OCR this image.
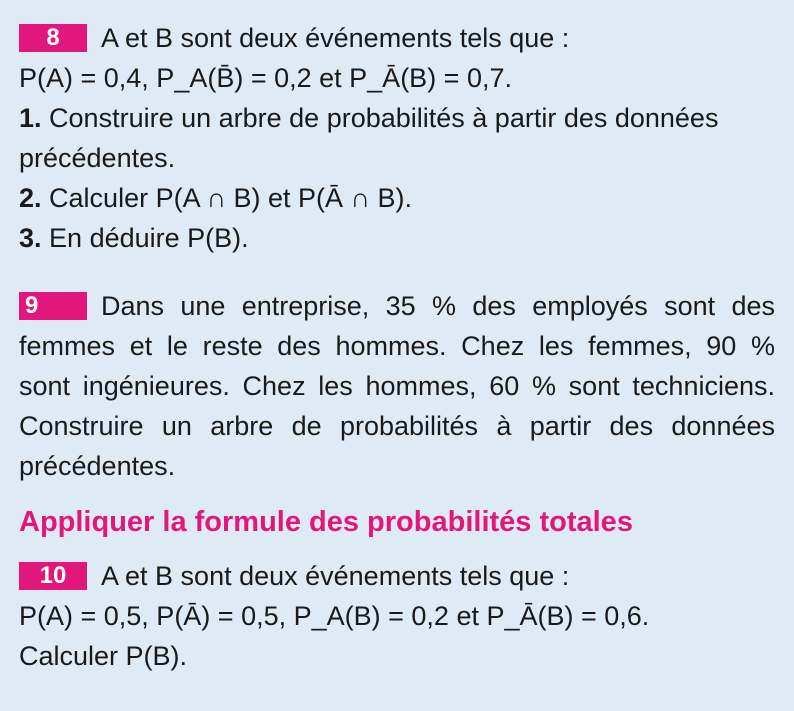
8 A et B sont deux événements tels que :
P(A) = 0,4, P_A(B̄) = 0,2 et P_Ā(B) = 0,7.
1. Construire un arbre de probabilités à partir des données
précédentes.
2. Calculer P(A ∩ B) et P(Ā ∩ B).
3. En déduire P(B).
9 Dans une entreprise, 35 % des employés sont des
femmes et le reste des hommes. Chez les femmes, 90 %
sont ingénieures. Chez les hommes, 60 % sont techniciens.
Construire un arbre de probabilités à partir des données
précédentes.
Appliquer la formule des probabilités totales
10 A et B sont deux événements tels que :
P(A) = 0,5, P(Ā) = 0,5, P_A(B) = 0,2 et P_Ā(B) = 0,6.
Calculer P(B).
